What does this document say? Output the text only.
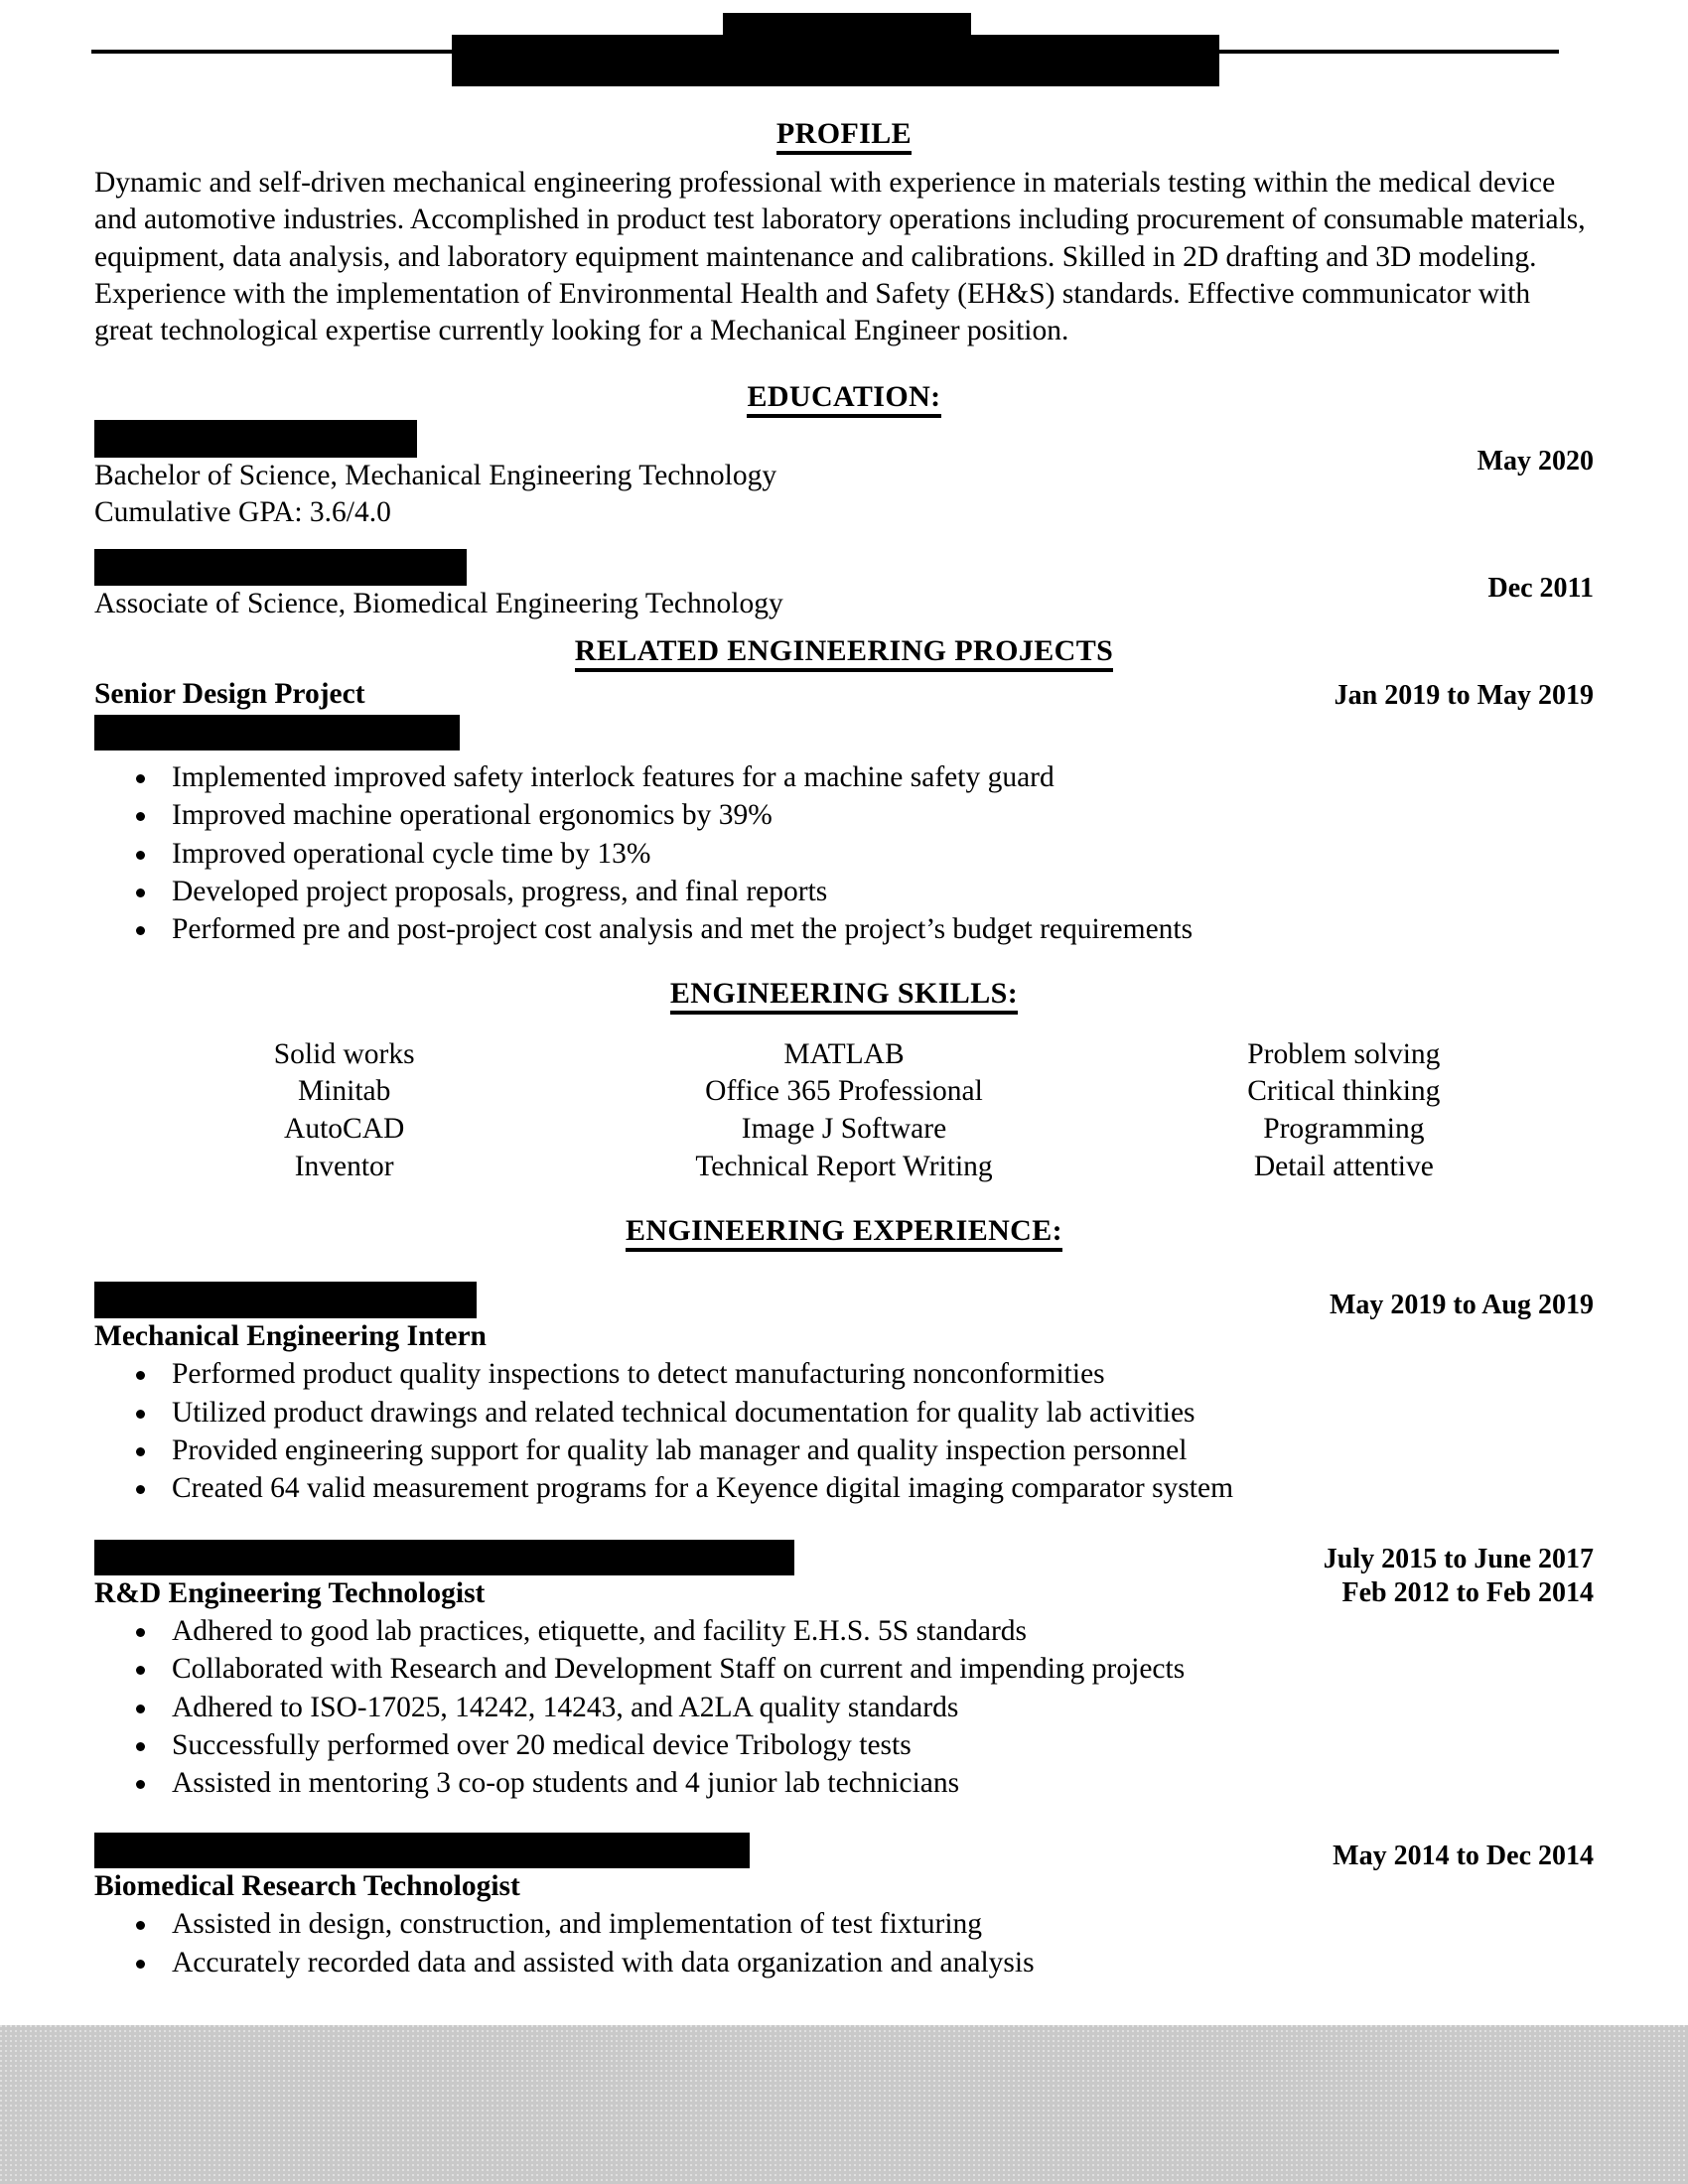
PROFILE

Dynamic and self-driven mechanical engineering professional with experience in materials testing within the medical device and automotive industries. Accomplished in product test laboratory operations including procurement of consumable materials, equipment, data analysis, and laboratory equipment maintenance and calibrations. Skilled in 2D drafting and 3D modeling. Experience with the implementation of Environmental Health and Safety (EH&S) standards. Effective communicator with great technological expertise currently looking for a Mechanical Engineer position.

EDUCATION:
May 2020
Bachelor of Science, Mechanical Engineering Technology
Cumulative GPA: 3.6/4.0
Dec 2011
Associate of Science, Biomedical Engineering Technology
RELATED ENGINEERING PROJECTS
Jan 2019 to May 2019
Senior Design Project
Implemented improved safety interlock features for a machine safety guard
Improved machine operational ergonomics by 39%
Improved operational cycle time by 13%
Developed project proposals, progress, and final reports
Performed pre and post-project cost analysis and met the project’s budget requirements
ENGINEERING SKILLS:
Solid works
Minitab
AutoCAD
Inventor
MATLAB
Office 365 Professional
Image J Software
Technical Report Writing
Problem solving
Critical thinking
Programming
Detail attentive
ENGINEERING EXPERIENCE:
May 2019 to Aug 2019
Mechanical Engineering Intern
Performed product quality inspections to detect manufacturing nonconformities
Utilized product drawings and related technical documentation for quality lab activities
Provided engineering support for quality lab manager and quality inspection personnel
Created 64 valid measurement programs for a Keyence digital imaging comparator system
July 2015 to June 2017
Feb 2012 to Feb 2014
R&D Engineering Technologist
Adhered to good lab practices, etiquette, and facility E.H.S. 5S standards
Collaborated with Research and Development Staff on current and impending projects
Adhered to ISO-17025, 14242, 14243, and A2LA quality standards
Successfully performed over 20 medical device Tribology tests
Assisted in mentoring 3 co-op students and 4 junior lab technicians
May 2014 to Dec 2014
Biomedical Research Technologist
Assisted in design, construction, and implementation of test fixturing
Accurately recorded data and assisted with data organization and analysis
